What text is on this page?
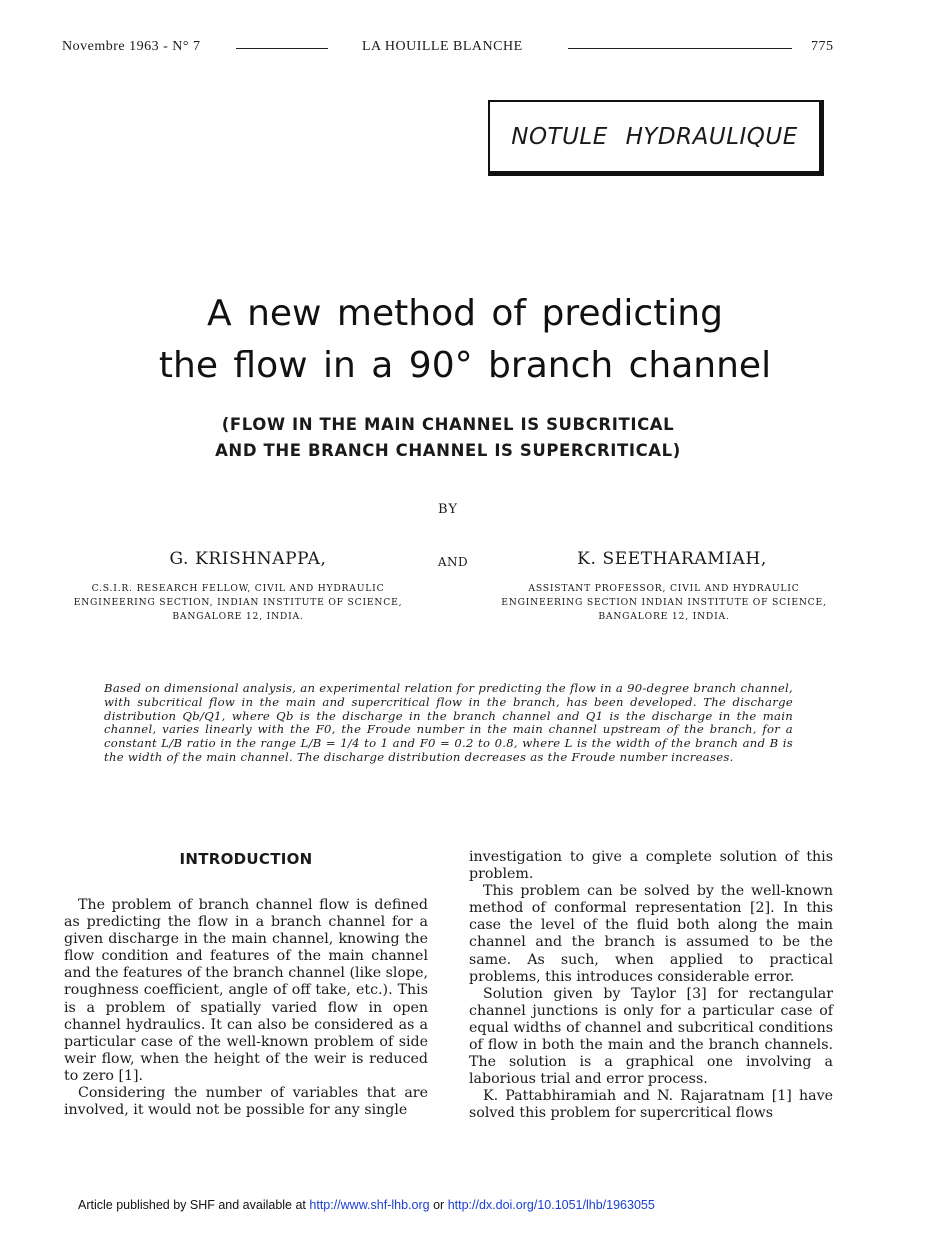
Novembre 1963 - N° 7	LA HOUILLE BLANCHE	775
NOTULE HYDRAULIQUE
A new method of predicting
the flow in a 90° branch channel
(FLOW IN THE MAIN CHANNEL IS SUBCRITICAL
AND THE BRANCH CHANNEL IS SUPERCRITICAL)
BY
G. KRISHNAPPA,	AND	K. SEETHARAMIAH,
C.S.I.R. RESEARCH FELLOW, CIVIL AND HYDRAULIC
ENGINEERING SECTION, INDIAN INSTITUTE OF SCIENCE,
BANGALORE 12, INDIA.
ASSISTANT PROFESSOR, CIVIL AND HYDRAULIC
ENGINEERING SECTION INDIAN INSTITUTE OF SCIENCE,
BANGALORE 12, INDIA.
Based on dimensional analysis, an experimental relation for predicting the flow in a 90-degree branch channel, with subcritical flow in the main and supercritical flow in the branch, has been developed. The discharge distribution Qb/Q1, where Qb is the discharge in the branch channel and Q1 is the discharge in the main channel, varies linearly with the F0, the Froude number in the main channel upstream of the branch, for a constant L/B ratio in the range L/B = 1/4 to 1 and F0 = 0.2 to 0.8, where L is the width of the branch and B is the width of the main channel. The discharge distribution decreases as the Froude number increases.
INTRODUCTION

The problem of branch channel flow is defined as predicting the flow in a branch channel for a given discharge in the main channel, knowing the flow condition and features of the main channel and the features of the branch channel (like slope, roughness coefficient, angle of off take, etc.). This is a problem of spatially varied flow in open channel hydraulics. It can also be considered as a particular case of the well-known problem of side weir flow, when the height of the weir is reduced to zero [1].

Considering the number of variables that are involved, it would not be possible for any single

investigation to give a complete solution of this problem.

This problem can be solved by the well-known method of conformal representation [2]. In this case the level of the fluid both along the main channel and the branch is assumed to be the same. As such, when applied to practical problems, this introduces considerable error.

Solution given by Taylor [3] for rectangular channel junctions is only for a particular case of equal widths of channel and subcritical conditions of flow in both the main and the branch channels. The solution is a graphical one involving a laborious trial and error process.

K. Pattabhiramiah and N. Rajaratnam [1] have solved this problem for supercritical flows

Article published by SHF and available at http://www.shf-lhb.org or http://dx.doi.org/10.1051/lhb/1963055
